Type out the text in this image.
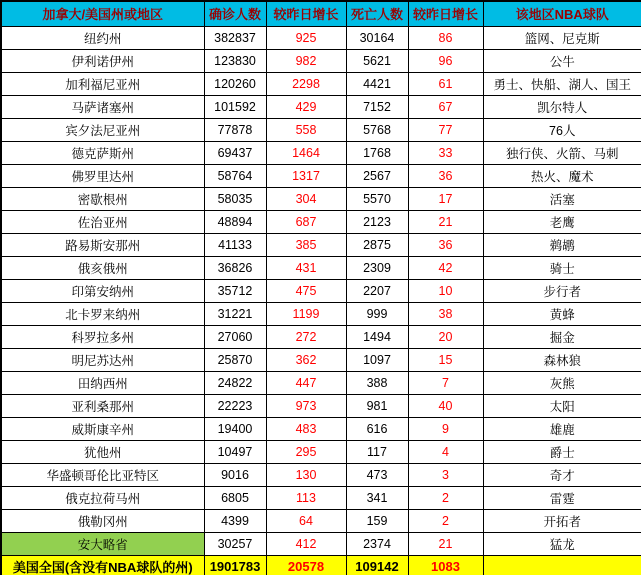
加拿大/美国州或地区	确诊人数	较昨日增长	死亡人数	较昨日增长	该地区NBA球队
纽约州	382837	925	30164	86	篮网、尼克斯
伊利诺伊州	123830	982	5621	96	公牛
加利福尼亚州	120260	2298	4421	61	勇士、快船、湖人、国王
马萨诸塞州	101592	429	7152	67	凯尔特人
宾夕法尼亚州	77878	558	5768	77	76人
德克萨斯州	69437	1464	1768	33	独行侠、火箭、马刺
佛罗里达州	58764	1317	2567	36	热火、魔术
密歇根州	58035	304	5570	17	活塞
佐治亚州	48894	687	2123	21	老鹰
路易斯安那州	41133	385	2875	36	鹈鹕
俄亥俄州	36826	431	2309	42	骑士
印第安纳州	35712	475	2207	10	步行者
北卡罗来纳州	31221	1199	999	38	黄蜂
科罗拉多州	27060	272	1494	20	掘金
明尼苏达州	25870	362	1097	15	森林狼
田纳西州	24822	447	388	7	灰熊
亚利桑那州	22223	973	981	40	太阳
威斯康辛州	19400	483	616	9	雄鹿
犹他州	10497	295	117	4	爵士
华盛顿哥伦比亚特区	9016	130	473	3	奇才
俄克拉荷马州	6805	113	341	2	雷霆
俄勒冈州	4399	64	159	2	开拓者
安大略省	30257	412	2374	21	猛龙
美国全国(含没有NBA球队的州)	1901783	20578	109142	1083	
